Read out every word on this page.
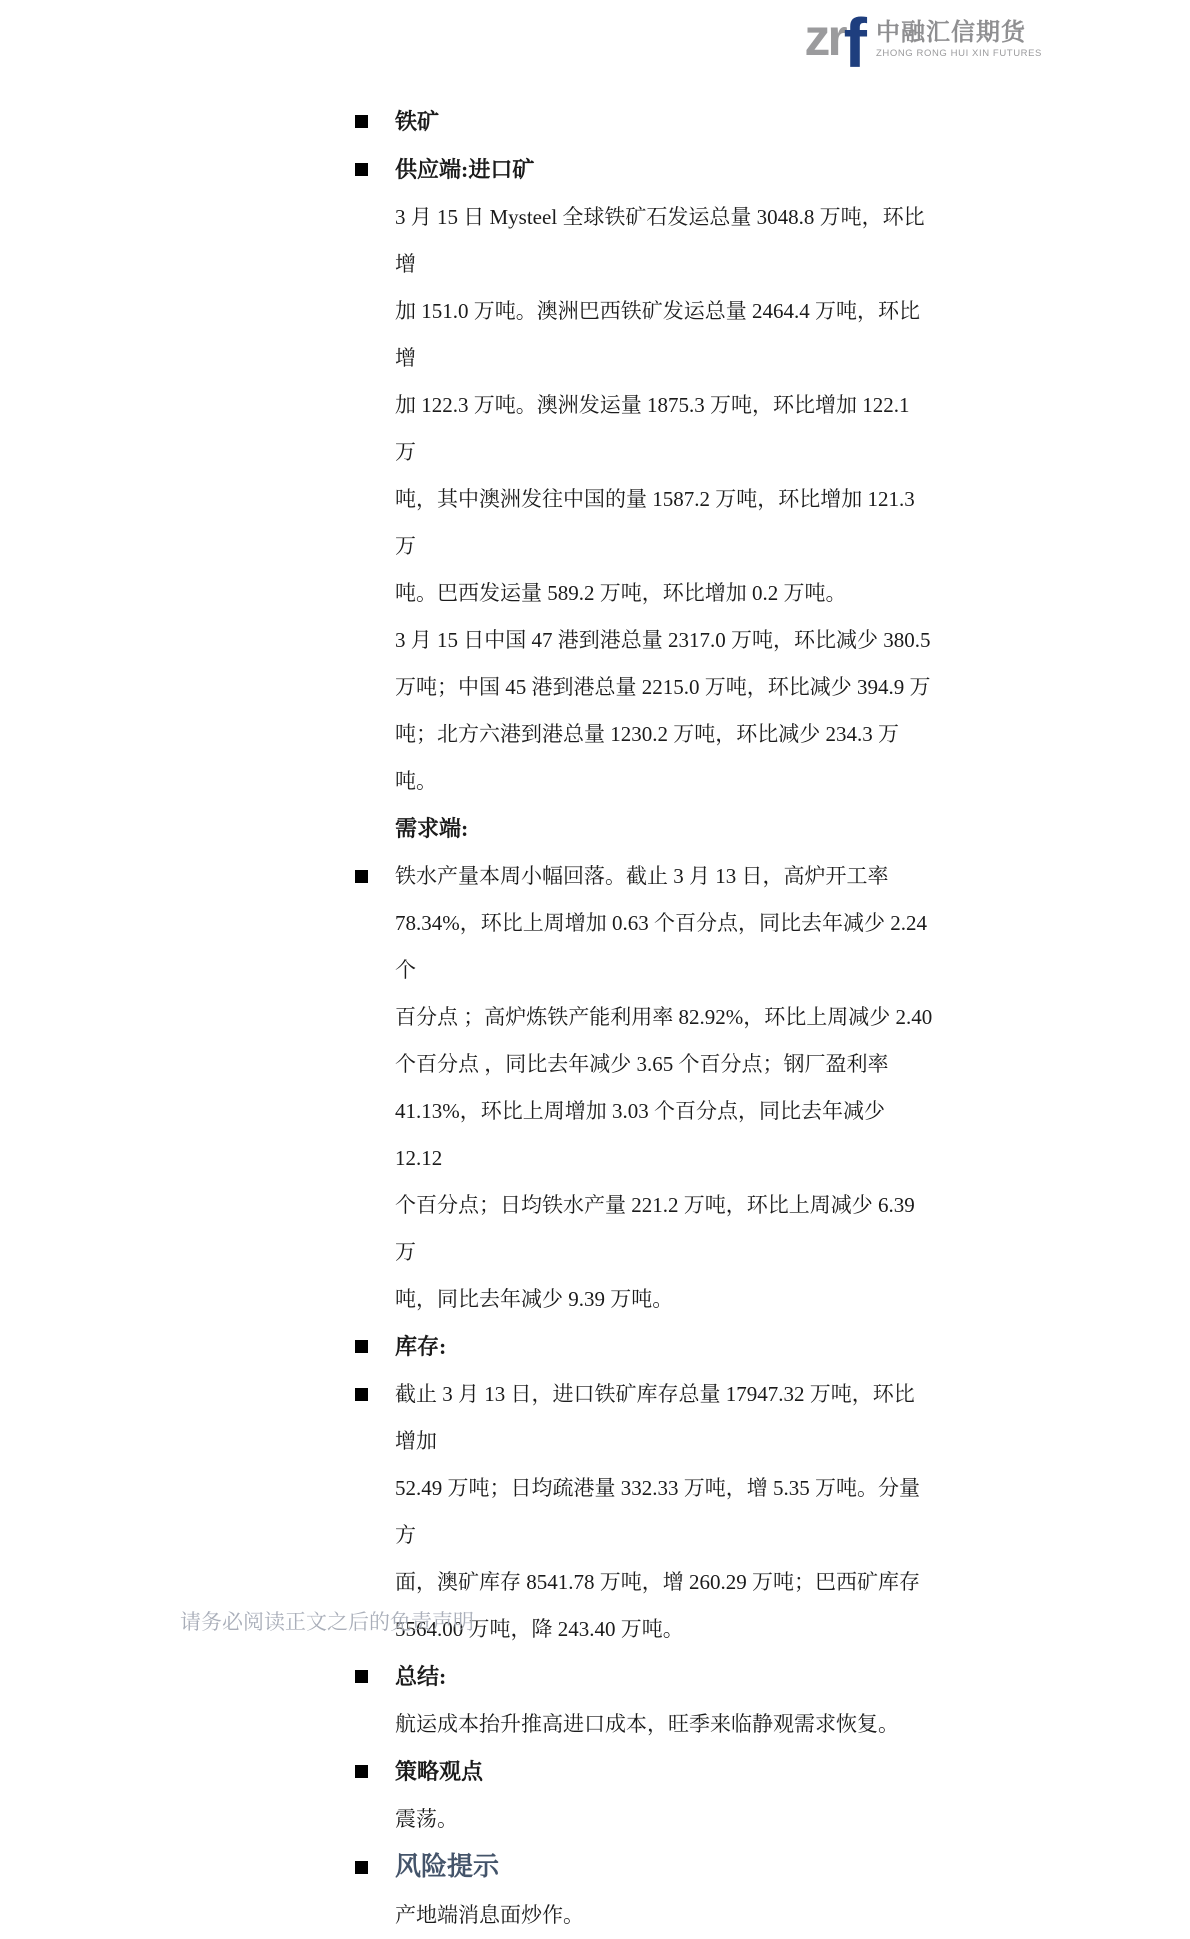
zr f 中融汇信期货
ZHONG RONG HUI XIN FUTURES
铁矿
供应端:进口矿
3 月 15 日 Mysteel 全球铁矿石发运总量 3048.8 万吨，环比增
加 151.0 万吨。澳洲巴西铁矿发运总量 2464.4 万吨，环比增
加 122.3 万吨。澳洲发运量 1875.3 万吨，环比增加 122.1 万
吨，其中澳洲发往中国的量 1587.2 万吨，环比增加 121.3 万
吨。巴西发运量 589.2 万吨，环比增加 0.2 万吨。
3 月 15 日中国 47 港到港总量 2317.0 万吨，环比减少 380.5
万吨；中国 45 港到港总量 2215.0 万吨，环比减少 394.9 万
吨；北方六港到港总量 1230.2 万吨，环比减少 234.3 万吨。
需求端:
铁水产量本周小幅回落。截止 3 月 13 日，高炉开工率
78.34%，环比上周增加 0.63 个百分点，同比去年减少 2.24 个
百分点 ；高炉炼铁产能利用率 82.92%，环比上周减少 2.40
个百分点 ，同比去年减少 3.65 个百分点；钢厂盈利率
41.13%，环比上周增加 3.03 个百分点，同比去年减少 12.12
个百分点；日均铁水产量 221.2 万吨，环比上周减少 6.39 万
吨，同比去年减少 9.39 万吨。
库存:
截止 3 月 13 日，进口铁矿库存总量 17947.32 万吨，环比增加
52.49 万吨；日均疏港量 332.33 万吨，增 5.35 万吨。分量方
面，澳矿库存 8541.78 万吨，增 260.29 万吨；巴西矿库存
5564.00 万吨，降 243.40 万吨。
总结:
航运成本抬升推高进口成本，旺季来临静观需求恢复。
策略观点
震荡。
风险提示
产地端消息面炒作。
请务必阅读正文之后的免责声明
